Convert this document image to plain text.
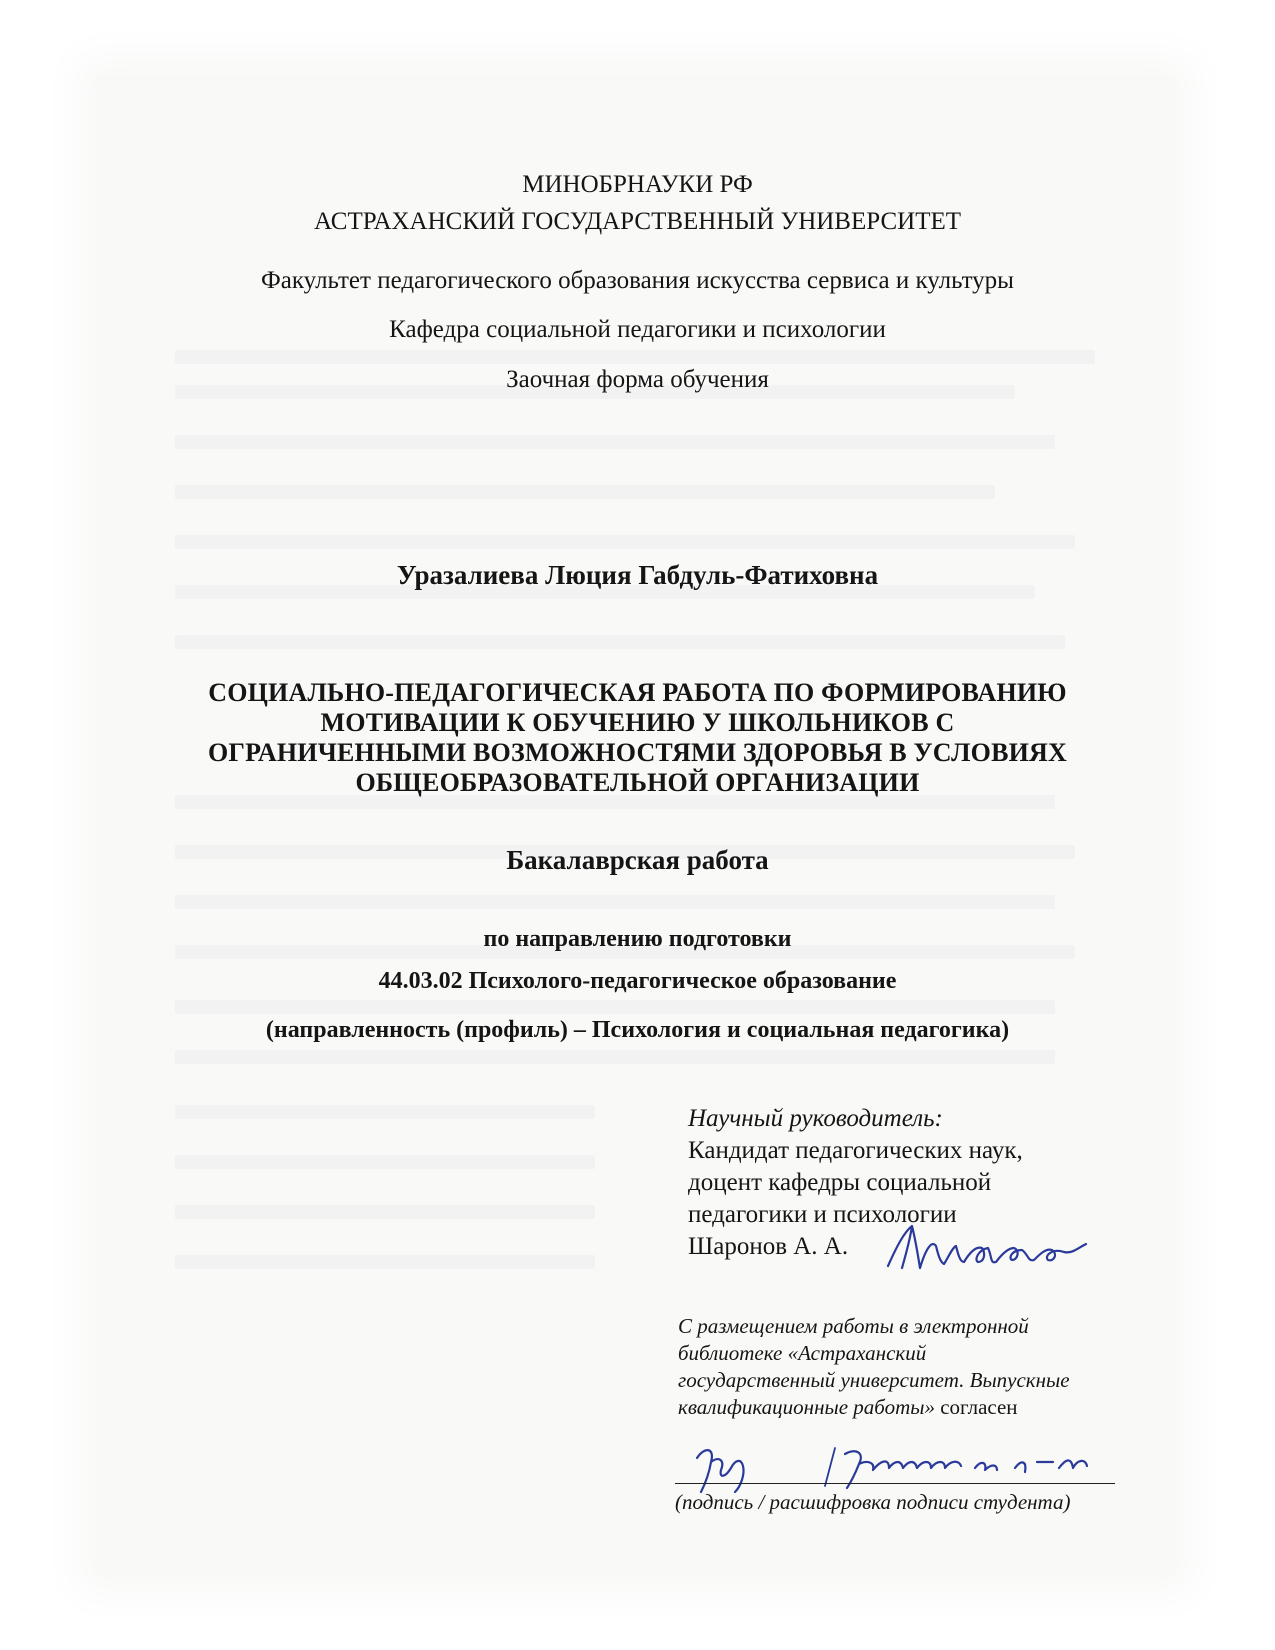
МИНОБРНАУКИ РФ
АСТРАХАНСКИЙ ГОСУДАРСТВЕННЫЙ УНИВЕРСИТЕТ
Факультет педагогического образования искусства сервиса и культуры
Кафедра социальной педагогики и психологии
Заочная форма обучения
Уразалиева Люция Габдуль-Фатиховна
СОЦИАЛЬНО-ПЕДАГОГИЧЕСКАЯ РАБОТА ПО ФОРМИРОВАНИЮ
МОТИВАЦИИ К ОБУЧЕНИЮ У ШКОЛЬНИКОВ С
ОГРАНИЧЕННЫМИ ВОЗМОЖНОСТЯМИ ЗДОРОВЬЯ В УСЛОВИЯХ
ОБЩЕОБРАЗОВАТЕЛЬНОЙ ОРГАНИЗАЦИИ
Бакалаврская работа
по направлению подготовки
44.03.02 Психолого-педагогическое образование
(направленность (профиль) – Психология и социальная педагогика)
Научный руководитель:
Кандидат педагогических наук,
доцент кафедры социальной
педагогики и психологии
Шаронов А. А.
С размещением работы в электронной
библиотеке «Астраханский
государственный университет. Выпускные
квалификационные работы» согласен
(подпись / расшифровка подписи студента)
